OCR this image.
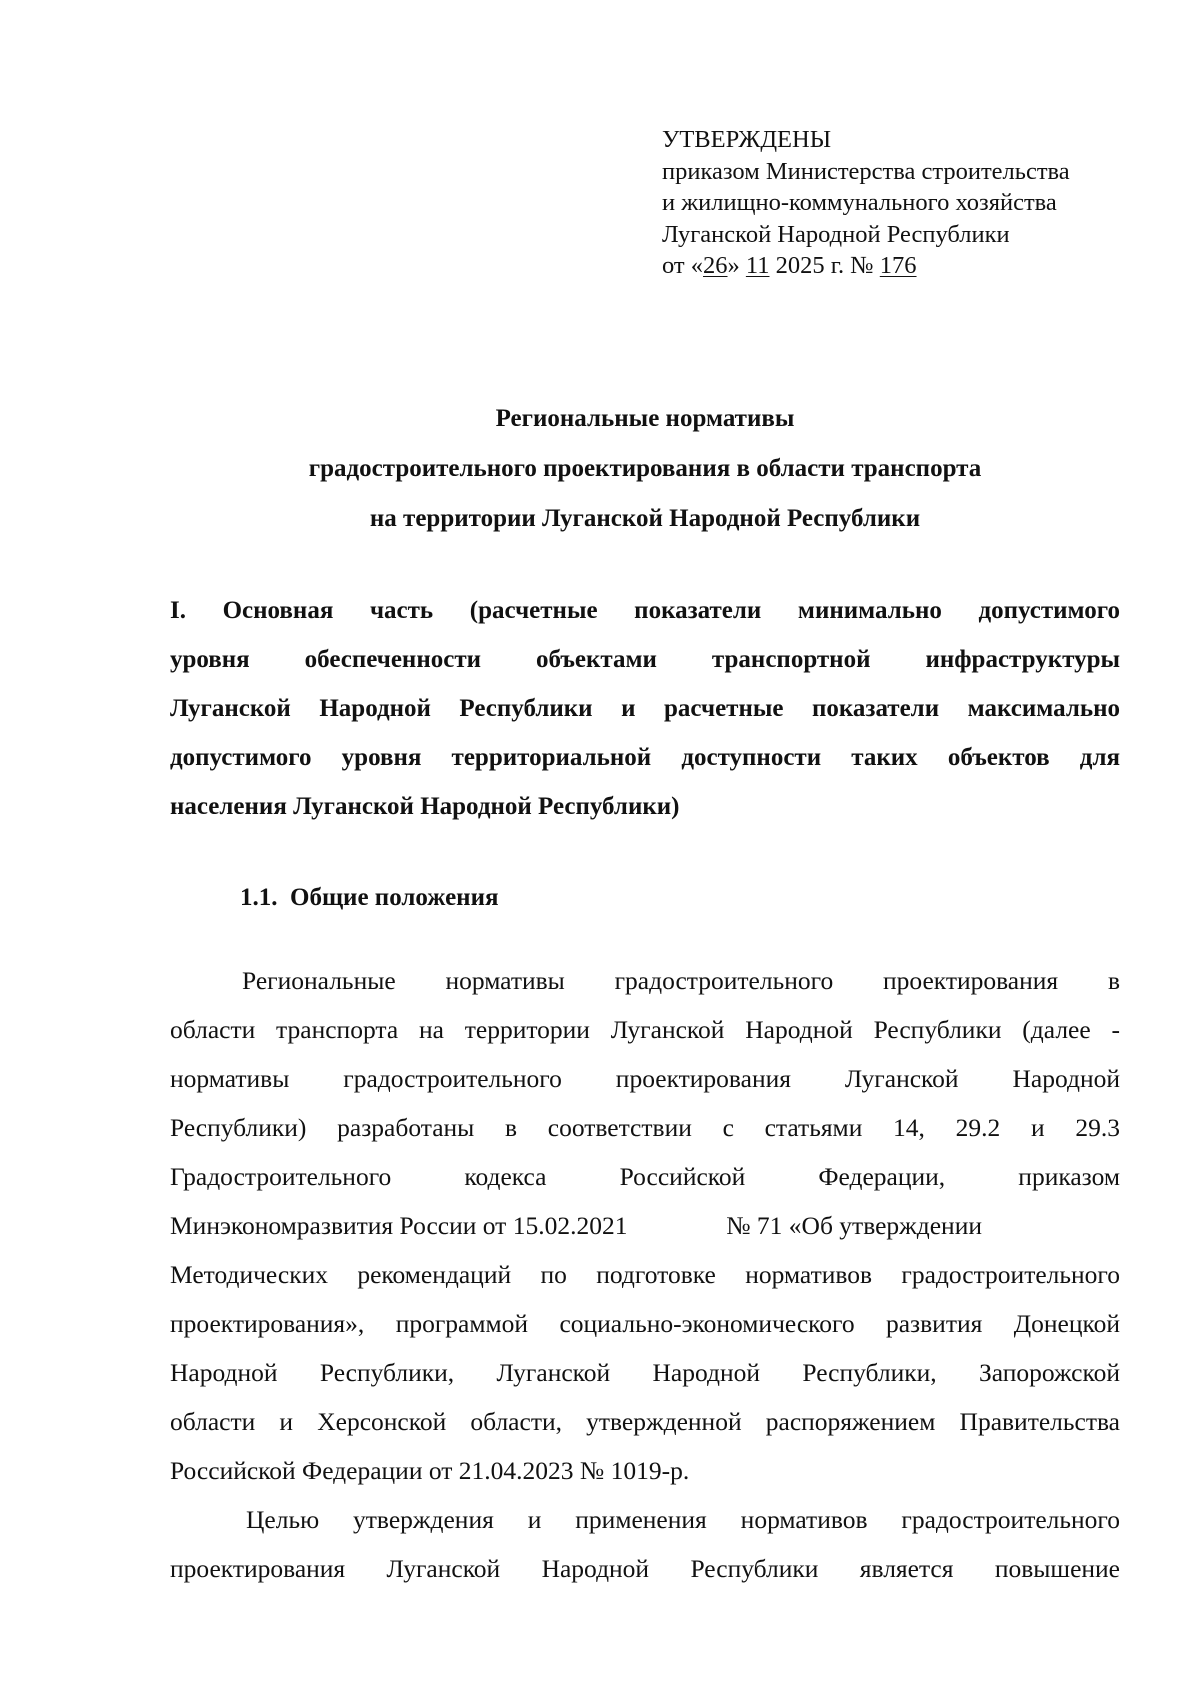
УТВЕРЖДЕНЫ
приказом Министерства строительства
и жилищно-коммунального хозяйства
Луганской Народной Республики
от «26» 11 2025 г. № 176
Региональные нормативы
градостроительного проектирования в области транспорта
на территории Луганской Народной Республики
I. Основная часть (расчетные показатели минимально допустимого
уровня обеспеченности объектами транспортной инфраструктуры
Луганской Народной Республики и расчетные показатели максимально
допустимого уровня территориальной доступности таких объектов для
населения Луганской Народной Республики)
1.1.  Общие положения
Региональные нормативы градостроительного проектирования в
области транспорта на территории Луганской Народной Республики (далее -
нормативы градостроительного проектирования Луганской Народной
Республики) разработаны в соответствии с статьями 14, 29.2 и 29.3
Градостроительного кодекса Российской Федерации, приказом
Минэкономразвития России от 15.02.2021	№ 71 «Об утверждении
Методических рекомендаций по подготовке нормативов градостроительного
проектирования», программой социально-экономического развития Донецкой
Народной Республики, Луганской Народной Республики, Запорожской
области и Херсонской области, утвержденной распоряжением Правительства
Российской Федерации от 21.04.2023 № 1019-р.
Целью утверждения и применения нормативов градостроительного
проектирования Луганской Народной Республики является повышение
